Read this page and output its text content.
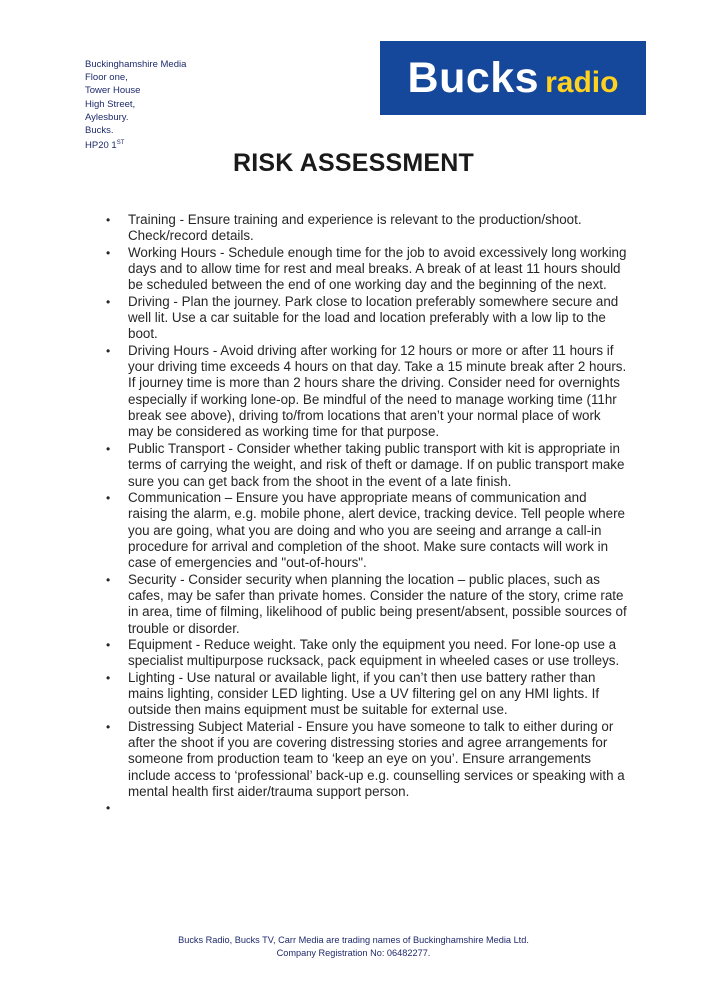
Buckinghamshire Media
Floor one,
Tower House
High Street,
Aylesbury.
Bucks.
HP20 1ST
Bucks radio
RISK ASSESSMENT
• Training - Ensure training and experience is relevant to the production/shoot. Check/record details.
• Working Hours - Schedule enough time for the job to avoid excessively long working days and to allow time for rest and meal breaks. A break of at least 11 hours should be scheduled between the end of one working day and the beginning of the next.
• Driving - Plan the journey. Park close to location preferably somewhere secure and well lit. Use a car suitable for the load and location preferably with a low lip to the boot.
• Driving Hours - Avoid driving after working for 12 hours or more or after 11 hours if your driving time exceeds 4 hours on that day. Take a 15 minute break after 2 hours. If journey time is more than 2 hours share the driving. Consider need for overnights especially if working lone-op. Be mindful of the need to manage working time (11hr break see above), driving to/from locations that aren’t your normal place of work may be considered as working time for that purpose.
• Public Transport - Consider whether taking public transport with kit is appropriate in terms of carrying the weight, and risk of theft or damage. If on public transport make sure you can get back from the shoot in the event of a late finish.
• Communication – Ensure you have appropriate means of communication and raising the alarm, e.g. mobile phone, alert device, tracking device. Tell people where you are going, what you are doing and who you are seeing and arrange a call-in procedure for arrival and completion of the shoot. Make sure contacts will work in case of emergencies and "out-of-hours".
• Security - Consider security when planning the location – public places, such as cafes, may be safer than private homes. Consider the nature of the story, crime rate in area, time of filming, likelihood of public being present/absent, possible sources of trouble or disorder.
• Equipment - Reduce weight. Take only the equipment you need. For lone-op use a specialist multipurpose rucksack, pack equipment in wheeled cases or use trolleys.
• Lighting - Use natural or available light, if you can’t then use battery rather than mains lighting, consider LED lighting. Use a UV filtering gel on any HMI lights. If outside then mains equipment must be suitable for external use.
• Distressing Subject Material - Ensure you have someone to talk to either during or after the shoot if you are covering distressing stories and agree arrangements for someone from production team to ‘keep an eye on you’. Ensure arrangements include access to ‘professional’ back-up e.g. counselling services or speaking with a mental health first aider/trauma support person.
•
Bucks Radio, Bucks TV, Carr Media are trading names of Buckinghamshire Media Ltd.
Company Registration No: 06482277.
